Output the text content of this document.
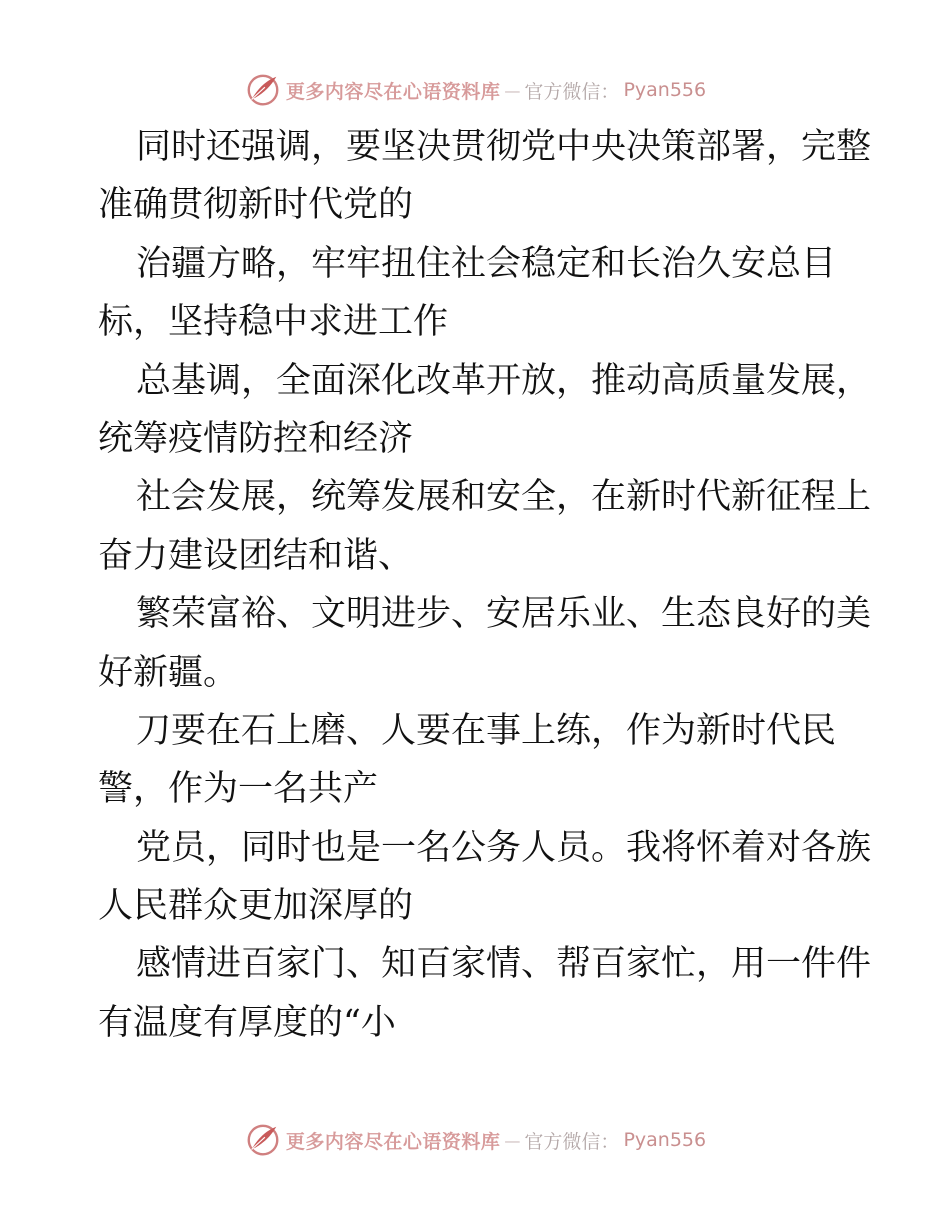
更多内容尽在心语资料库 — 官方微信： Pyan556
同时还强调，要坚决贯彻党中央决策部署，完整
准确贯彻新时代党的
治疆方略，牢牢扭住社会稳定和长治久安总目
标，坚持稳中求进工作
总基调，全面深化改革开放，推动高质量发展，
统筹疫情防控和经济
社会发展，统筹发展和安全，在新时代新征程上
奋力建设团结和谐、
繁荣富裕、文明进步、安居乐业、生态良好的美
好新疆。
刀要在石上磨、人要在事上练，作为新时代民
警，作为一名共产
党员，同时也是一名公务人员。我将怀着对各族
人民群众更加深厚的
感情进百家门、知百家情、帮百家忙，用一件件
有温度有厚度的“小
更多内容尽在心语资料库 — 官方微信： Pyan556
